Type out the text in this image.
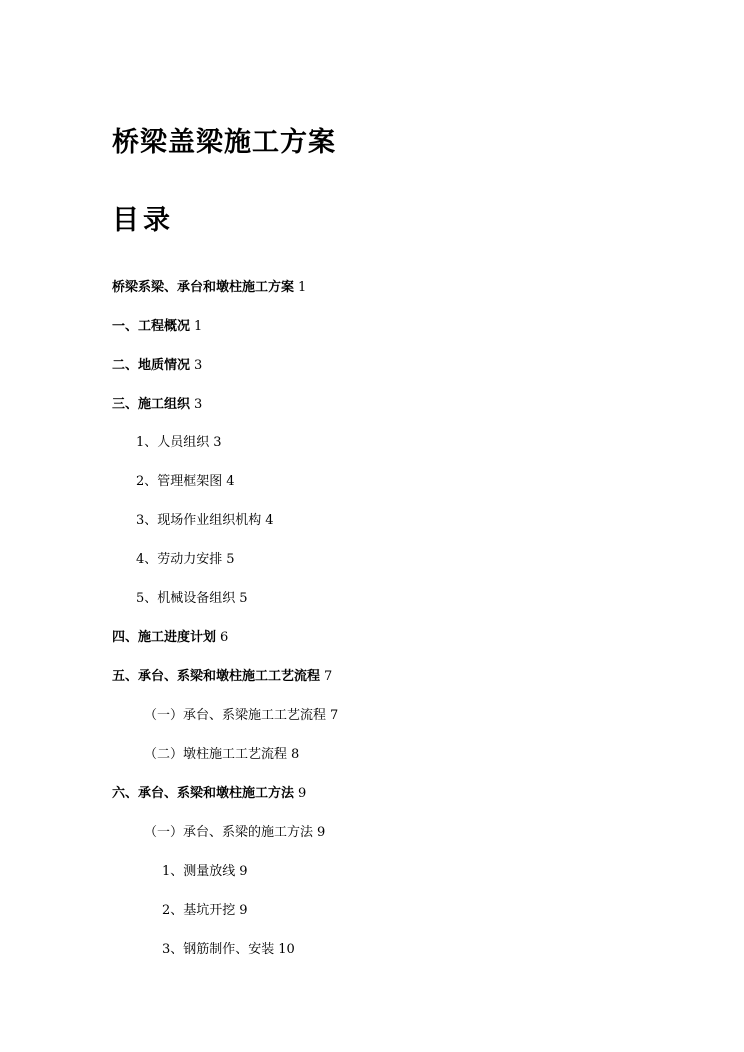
桥梁盖梁施工方案
目录
桥梁系梁、承台和墩柱施工方案 1
一、工程概况 1
二、地质情况 3
三、施工组织 3
1、人员组织 3
2、管理框架图 4
3、现场作业组织机构 4
4、劳动力安排 5
5、机械设备组织 5
四、施工进度计划 6
五、承台、系梁和墩柱施工工艺流程 7
（一）承台、系梁施工工艺流程 7
（二）墩柱施工工艺流程 8
六、承台、系梁和墩柱施工方法 9
（一）承台、系梁的施工方法 9
1、测量放线 9
2、基坑开挖 9
3、钢筋制作、安装 10
